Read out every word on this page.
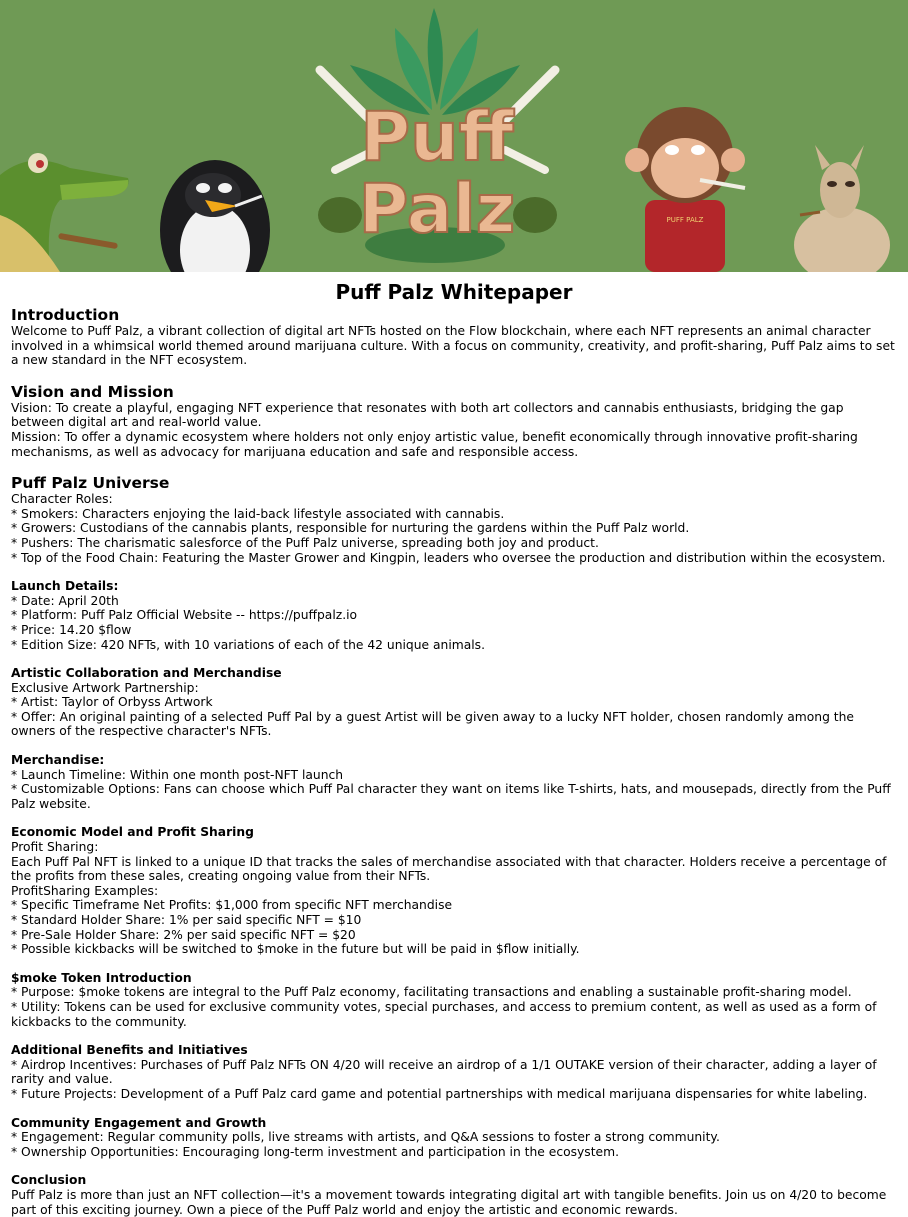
Puff
Palz	PUFF PALZ
Puff Palz Whitepaper
Introduction

Welcome to Puff Palz, a vibrant collection of digital art NFTs hosted on the Flow blockchain, where each NFT represents an animal character involved in a whimsical world themed around marijuana culture. With a focus on community, creativity, and profit-sharing, Puff Palz aims to set a new standard in the NFT ecosystem.

Vision and Mission

Vision: To create a playful, engaging NFT experience that resonates with both art collectors and cannabis enthusiasts, bridging the gap between digital art and real-world value.

Mission: To offer a dynamic ecosystem where holders not only enjoy artistic value, benefit economically through innovative profit-sharing mechanisms, as well as advocacy for marijuana education and safe and responsible access.

Puff Palz Universe

Character Roles:

* Smokers: Characters enjoying the laid-back lifestyle associated with cannabis.

* Growers: Custodians of the cannabis plants, responsible for nurturing the gardens within the Puff Palz world.

* Pushers: The charismatic salesforce of the Puff Palz universe, spreading both joy and product.

* Top of the Food Chain: Featuring the Master Grower and Kingpin, leaders who oversee the production and distribution within the ecosystem.

Launch Details:

* Date: April 20th

* Platform: Puff Palz Official Website -- https://puffpalz.io

* Price: 14.20 $flow

* Edition Size: 420 NFTs, with 10 variations of each of the 42 unique animals.

Artistic Collaboration and Merchandise

Exclusive Artwork Partnership:

* Artist: Taylor of Orbyss Artwork

* Offer: An original painting of a selected Puff Pal by a guest Artist will be given away to a lucky NFT holder, chosen randomly among the owners of the respective character's NFTs.

Merchandise:

* Launch Timeline: Within one month post-NFT launch

* Customizable Options: Fans can choose which Puff Pal character they want on items like T-shirts, hats, and mousepads, directly from the Puff Palz website.

Economic Model and Profit Sharing

Profit Sharing:

Each Puff Pal NFT is linked to a unique ID that tracks the sales of merchandise associated with that character. Holders receive a percentage of the profits from these sales, creating ongoing value from their NFTs.

ProfitSharing Examples:

* Specific Timeframe Net Profits: $1,000 from specific NFT merchandise

* Standard Holder Share: 1% per said specific NFT = $10

* Pre-Sale Holder Share: 2% per said specific NFT = $20

* Possible kickbacks will be switched to $moke in the future but will be paid in $flow initially.

$moke Token Introduction

* Purpose: $moke tokens are integral to the Puff Palz economy, facilitating transactions and enabling a sustainable profit-sharing model.

* Utility: Tokens can be used for exclusive community votes, special purchases, and access to premium content, as well as used as a form of kickbacks to the community.

Additional Benefits and Initiatives

* Airdrop Incentives: Purchases of Puff Palz NFTs ON 4/20 will receive an airdrop of a 1/1 OUTAKE version of their character, adding a layer of rarity and value.

* Future Projects: Development of a Puff Palz card game and potential partnerships with medical marijuana dispensaries for white labeling.

Community Engagement and Growth

* Engagement: Regular community polls, live streams with artists, and Q&A sessions to foster a strong community.

* Ownership Opportunities: Encouraging long-term investment and participation in the ecosystem.

Conclusion

Puff Palz is more than just an NFT collection—it's a movement towards integrating digital art with tangible benefits. Join us on 4/20 to become part of this exciting journey. Own a piece of the Puff Palz world and enjoy the artistic and economic rewards.
